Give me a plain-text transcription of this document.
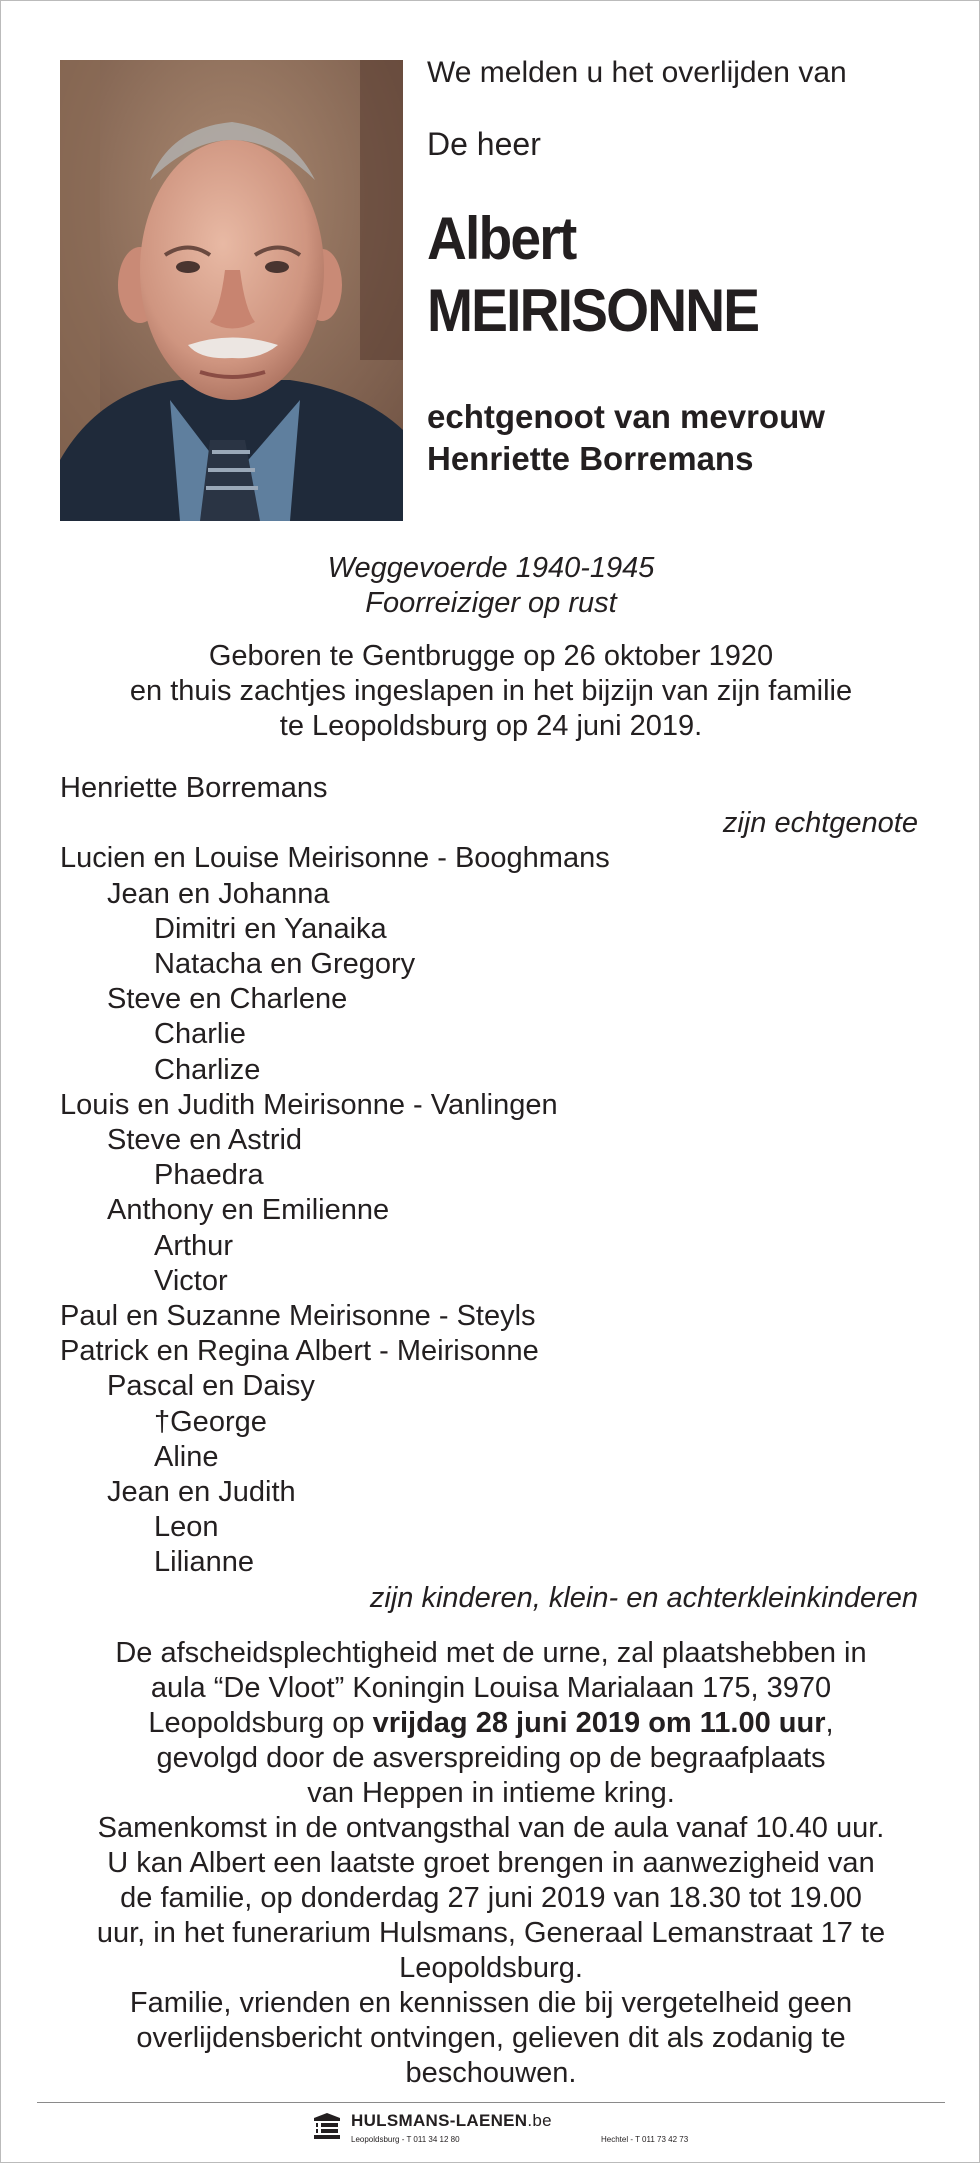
We melden u het overlijden van
De heer
Albert
MEIRISONNE
echtgenoot van mevrouw
Henriette Borremans
Weggevoerde 1940-1945
Foorreiziger op rust
Geboren te Gentbrugge op 26 oktober 1920
en thuis zachtjes ingeslapen in het bijzijn van zijn familie
te Leopoldsburg op 24 juni 2019.
Henriette Borremans
zijn echtgenote
Lucien en Louise Meirisonne - Booghmans
Jean en Johanna
Dimitri en Yanaika
Natacha en Gregory
Steve en Charlene
Charlie
Charlize
Louis en Judith Meirisonne - Vanlingen
Steve en Astrid
Phaedra
Anthony en Emilienne
Arthur
Victor
Paul en Suzanne Meirisonne - Steyls
Patrick en Regina Albert - Meirisonne
Pascal en Daisy
†George
Aline
Jean en Judith
Leon
Lilianne
zijn kinderen, klein- en achterkleinkinderen
De afscheidsplechtigheid met de urne, zal plaatshebben in
aula “De Vloot” Koningin Louisa Marialaan 175, 3970
Leopoldsburg op vrijdag 28 juni 2019 om 11.00 uur,
gevolgd door de asverspreiding op de begraafplaats
van Heppen in intieme kring.
Samenkomst in de ontvangsthal van de aula vanaf 10.40 uur.
U kan Albert een laatste groet brengen in aanwezigheid van
de familie, op donderdag 27 juni 2019 van 18.30 tot 19.00
uur, in het funerarium Hulsmans, Generaal Lemanstraat 17 te
Leopoldsburg.
Familie, vrienden en kennissen die bij vergetelheid geen
overlijdensbericht ontvingen, gelieven dit als zodanig te
beschouwen.
HULSMANS-LAENEN.be
Leopoldsburg - T 011 34 12 80	Hechtel - T 011 73 42 73
